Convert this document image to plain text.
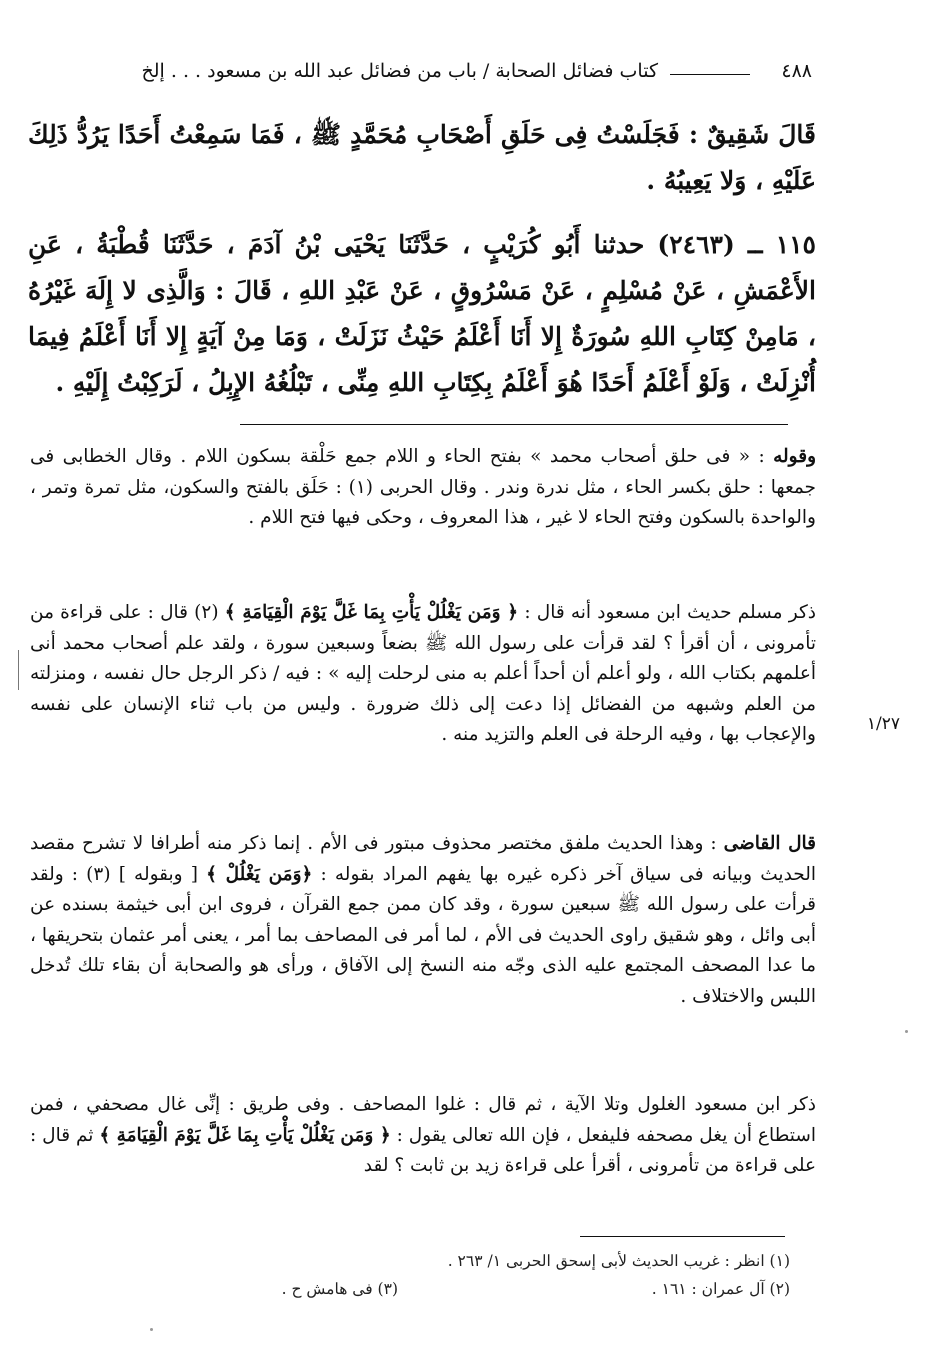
٤٨٨
كتاب فضائل الصحابة / باب من فضائل عبد الله بن مسعود . . . إلخ
قَالَ شَقِيقٌ : فَجَلَسْتُ فِى حَلَقِ أَصْحَابِ مُحَمَّدٍ ﷺ ، فَمَا سَمِعْتُ أَحَدًا يَرُدُّ ذَلِكَ عَلَيْهِ ، وَلا يَعِيبُهُ .
١١٥ ــ (٢٤٦٣) حدثنا أَبُو كُرَيْبٍ ، حَدَّثَنَا يَحْيَى بْنُ آدَمَ ، حَدَّثَنَا قُطْبَةُ ، عَنِ الأَعْمَشِ ، عَنْ مُسْلِمٍ ، عَنْ مَسْرُوقٍ ، عَنْ عَبْدِ اللهِ ، قَالَ : وَالَّذِى لا إِلَهَ غَيْرُهُ ، مَامِنْ كِتَابِ اللهِ سُورَةٌ إِلا أَنَا أَعْلَمُ حَيْثُ نَزَلَتْ ، وَمَا مِنْ آيَةٍ إِلا أَنَا أَعْلَمُ فِيمَا أُنْزِلَتْ ، وَلَوْ أَعْلَمُ أَحَدًا هُوَ أَعْلَمُ بِكِتَابِ اللهِ مِنِّى ، تَبْلُغُهُ الإِبِلُ ، لَرَكِبْتُ إِلَيْهِ .
وقوله : « فى حلق أصحاب محمد » بفتح الحاء و اللام جمع حَلْقة بسكون اللام . وقال الخطابى فى جمعها : حلق بكسر الحاء ، مثل ندرة وندر . وقال الحربى (١) : حَلَق بالفتح والسكون، مثل تمرة وتمر ، والواحدة بالسكون وفتح الحاء لا غير ، هذا المعروف ، وحكى فيها فتح اللام .
ذكر مسلم حديث ابن مسعود أنه قال : ﴿ وَمَن يَغْلُلْ يَأْتِ بِمَا غَلَّ يَوْمَ الْقِيَامَةِ ﴾ (٢) قال : على قراءة من تأمرونى ، أن أقرأ ؟ لقد قرأت على رسول الله ﷺ بضعاً وسبعين سورة ، ولقد علم أصحاب محمد أنى أعلمهم بكتاب الله ، ولو أعلم أن أحداً أعلم به منى لرحلت إليه » : فيه / ذكر الرجل حال نفسه ، ومنزلته من العلم وشبهه من الفضائل إذا دعت إلى ذلك ضرورة . وليس من باب ثناء الإنسان على نفسه والإعجاب بها ، وفيه الرحلة فى العلم والتزيد منه .	١/٢٧
قال القاضى : وهذا الحديث ملفق مختصر محذوف مبتور فى الأم . إنما ذكر منه أطرافا لا تشرح مقصد الحديث وبيانه فى سياق آخر ذكره غيره بها يفهم المراد بقوله : ﴿وَمَن يَغْلُلْ ﴾ [ وبقوله ] (٣) : ولقد قرأت على رسول الله ﷺ سبعين سورة ، وقد كان ممن جمع القرآن ، فروى ابن أبى خيثمة بسنده عن أبى وائل ، وهو شقيق راوى الحديث فى الأم ، لما أمر فى المصاحف بما أمر ، يعنى أمر عثمان بتحريقها ، ما عدا المصحف المجتمع عليه الذى وجّه منه النسخ إلى الآفاق ، ورأى هو والصحابة أن بقاء تلك تُدخل اللبس والاختلاف .
ذكر ابن مسعود الغلول وتلا الآية ، ثم قال : غلوا المصاحف . وفى طريق : إنِّى غال مصحفي ، فمن استطاع أن يغل مصحفه فليفعل ، فإن الله تعالى يقول : ﴿ وَمَن يَغْلُلْ يَأْتِ بِمَا غَلَّ يَوْمَ الْقِيَامَةِ ﴾ ثم قال : على قراءة من تأمرونى ، أقرأ على قراءة زيد بن ثابت ؟ لقد
(١) انظر : غريب الحديث لأبى إسحق الحربى ١/ ٢٦٣ .
(٢) آل عمران : ١٦١ .
(٣) فى هامش ح .
